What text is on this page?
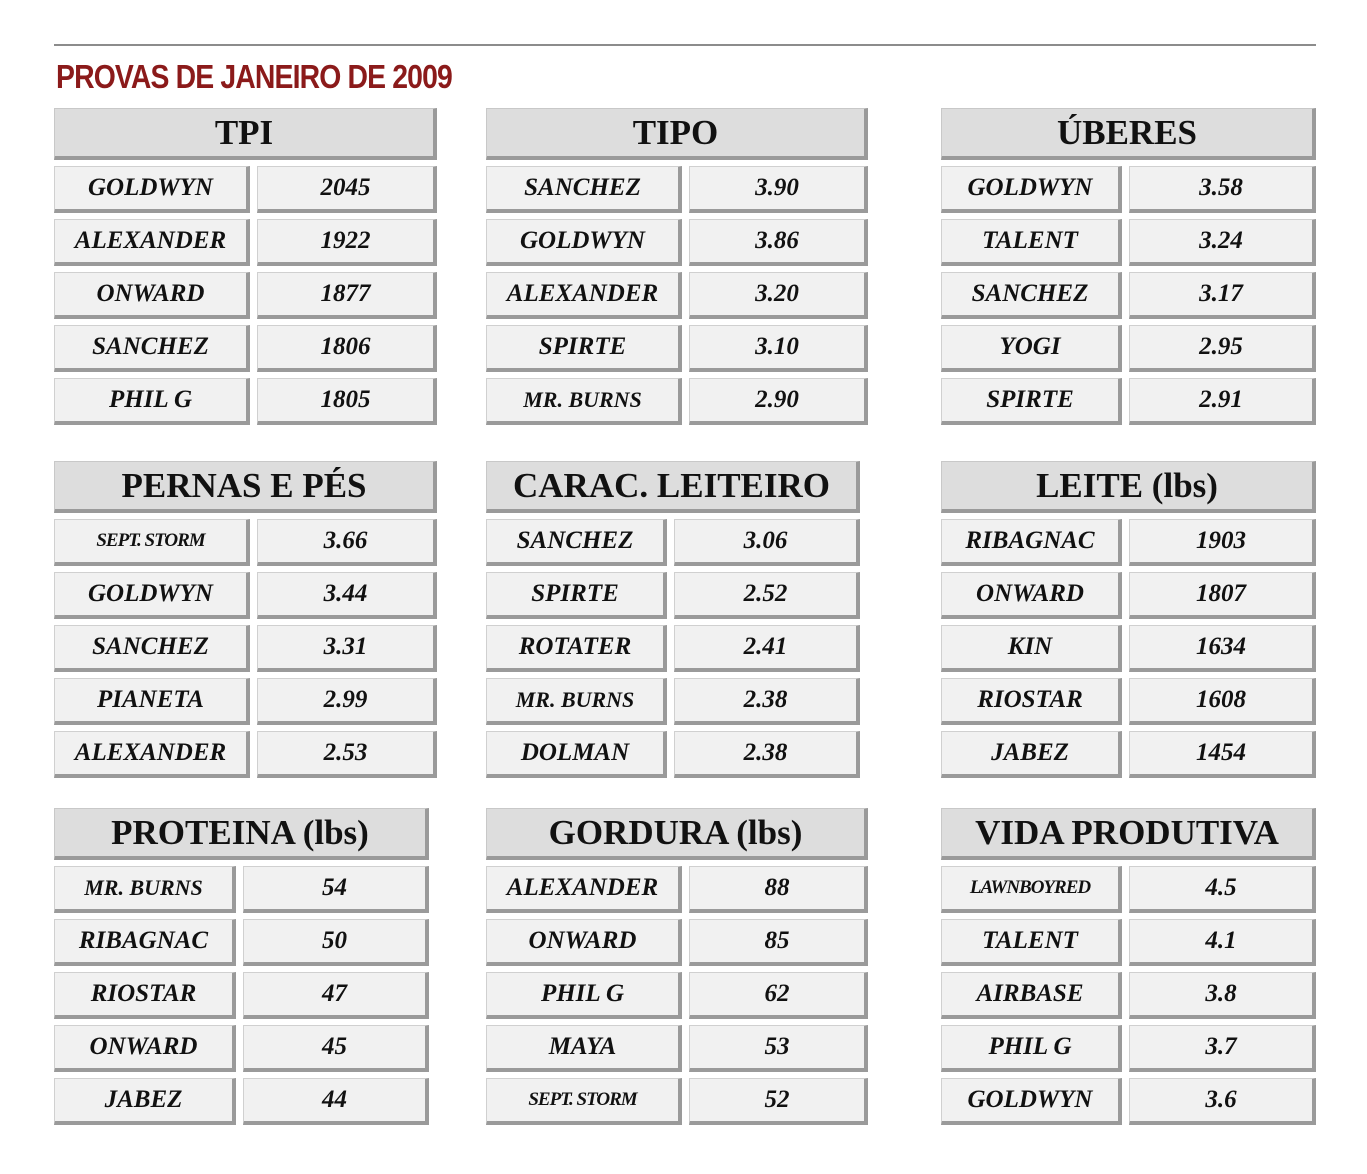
PROVAS DE JANEIRO DE 2009
TPI
GOLDWYN	2045
ALEXANDER	1922
ONWARD	1877
SANCHEZ	1806
PHIL G	1805
TIPO
SANCHEZ	3.90
GOLDWYN	3.86
ALEXANDER	3.20
SPIRTE	3.10
MR. BURNS	2.90
ÚBERES
GOLDWYN	3.58
TALENT	3.24
SANCHEZ	3.17
YOGI	2.95
SPIRTE	2.91
PERNAS E PÉS
SEPT. STORM	3.66
GOLDWYN	3.44
SANCHEZ	3.31
PIANETA	2.99
ALEXANDER	2.53
CARAC. LEITEIRO
SANCHEZ	3.06
SPIRTE	2.52
ROTATER	2.41
MR. BURNS	2.38
DOLMAN	2.38
LEITE (lbs)
RIBAGNAC	1903
ONWARD	1807
KIN	1634
RIOSTAR	1608
JABEZ	1454
PROTEINA (lbs)
MR. BURNS	54
RIBAGNAC	50
RIOSTAR	47
ONWARD	45
JABEZ	44
GORDURA (lbs)
ALEXANDER	88
ONWARD	85
PHIL G	62
MAYA	53
SEPT. STORM	52
VIDA PRODUTIVA
LAWNBOYRED	4.5
TALENT	4.1
AIRBASE	3.8
PHIL G	3.7
GOLDWYN	3.6
